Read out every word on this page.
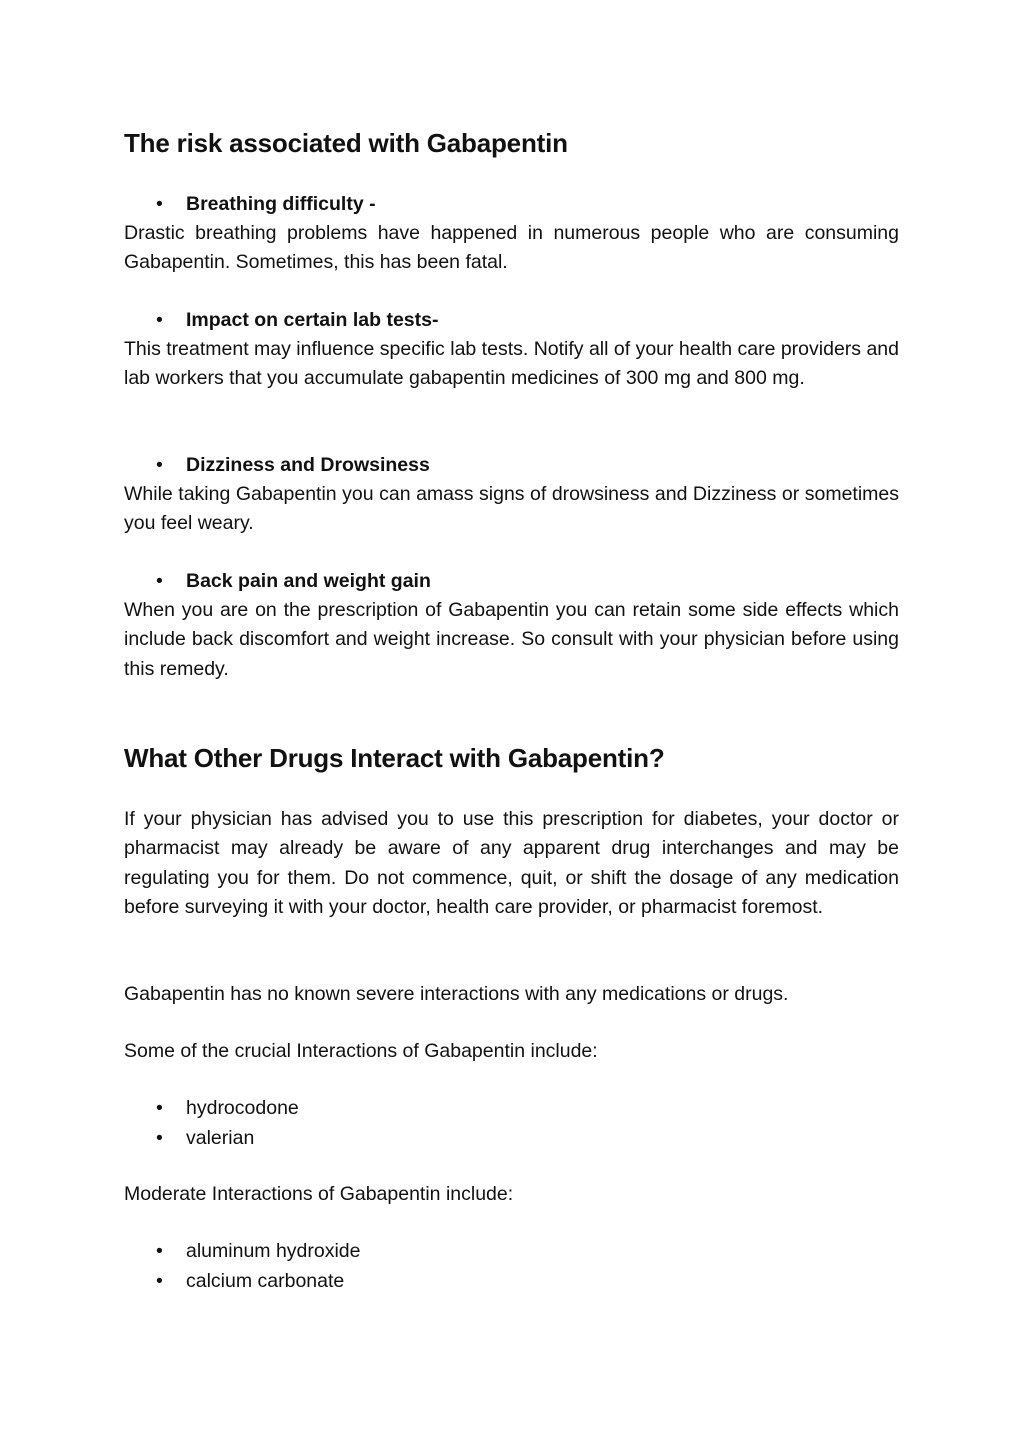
The risk associated with Gabapentin
• Breathing difficulty -

Drastic breathing problems have happened in numerous people who are consuming Gabapentin. Sometimes, this has been fatal.

• Impact on certain lab tests-

This treatment may influence specific lab tests. Notify all of your health care providers and lab workers that you accumulate gabapentin medicines of 300 mg and 800 mg.

• Dizziness and Drowsiness

While taking Gabapentin you can amass signs of drowsiness and Dizziness or sometimes you feel weary.

• Back pain and weight gain

When you are on the prescription of Gabapentin you can retain some side effects which include back discomfort and weight increase. So consult with your physician before using this remedy.

What Other Drugs Interact with Gabapentin?

If your physician has advised you to use this prescription for diabetes, your doctor or pharmacist may already be aware of any apparent drug interchanges and may be regulating you for them. Do not commence, quit, or shift the dosage of any medication before surveying it with your doctor, health care provider, or pharmacist foremost.

Gabapentin has no known severe interactions with any medications or drugs.

Some of the crucial Interactions of Gabapentin include:

• hydrocodone
• valerian

Moderate Interactions of Gabapentin include:

• aluminum hydroxide
• calcium carbonate
